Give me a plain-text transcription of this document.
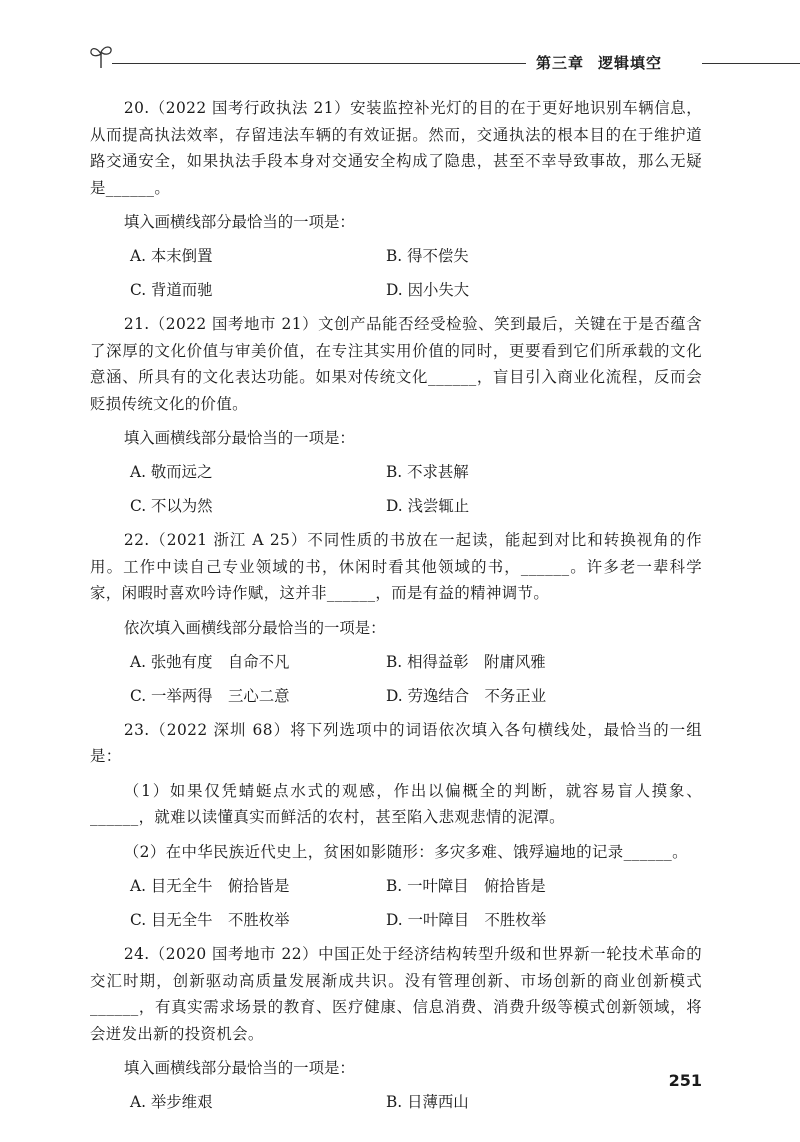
第三章 逻辑填空

20.（2022 国考行政执法 21）安装监控补光灯的目的在于更好地识别车辆信息，从而提高执法效率，存留违法车辆的有效证据。然而，交通执法的根本目的在于维护道路交通安全，如果执法手段本身对交通安全构成了隐患，甚至不幸导致事故，那么无疑是______。

填入画横线部分最恰当的一项是：

A. 本末倒置	B. 得不偿失
C. 背道而驰	D. 因小失大

21.（2022 国考地市 21）文创产品能否经受检验、笑到最后，关键在于是否蕴含了深厚的文化价值与审美价值，在专注其实用价值的同时，更要看到它们所承载的文化意涵、所具有的文化表达功能。如果对传统文化______，盲目引入商业化流程，反而会贬损传统文化的价值。

填入画横线部分最恰当的一项是：

A. 敬而远之	B. 不求甚解
C. 不以为然	D. 浅尝辄止

22.（2021 浙江 A 25）不同性质的书放在一起读，能起到对比和转换视角的作用。工作中读自己专业领域的书，休闲时看其他领域的书，______。许多老一辈科学家，闲暇时喜欢吟诗作赋，这并非______，而是有益的精神调节。

依次填入画横线部分最恰当的一项是：

A. 张弛有度　自命不凡	B. 相得益彰　附庸风雅
C. 一举两得　三心二意	D. 劳逸结合　不务正业

23.（2022 深圳 68）将下列选项中的词语依次填入各句横线处，最恰当的一组是：

（1）如果仅凭蜻蜓点水式的观感，作出以偏概全的判断，就容易盲人摸象、______，就难以读懂真实而鲜活的农村，甚至陷入悲观悲情的泥潭。

（2）在中华民族近代史上，贫困如影随形：多灾多难、饿殍遍地的记录______。

A. 目无全牛　俯拾皆是	B. 一叶障目　俯拾皆是
C. 目无全牛　不胜枚举	D. 一叶障目　不胜枚举

24.（2020 国考地市 22）中国正处于经济结构转型升级和世界新一轮技术革命的交汇时期，创新驱动高质量发展渐成共识。没有管理创新、市场创新的商业创新模式______，有真实需求场景的教育、医疗健康、信息消费、消费升级等模式创新领域，将会迸发出新的投资机会。

填入画横线部分最恰当的一项是：

A. 举步维艰	B. 日薄西山
251
